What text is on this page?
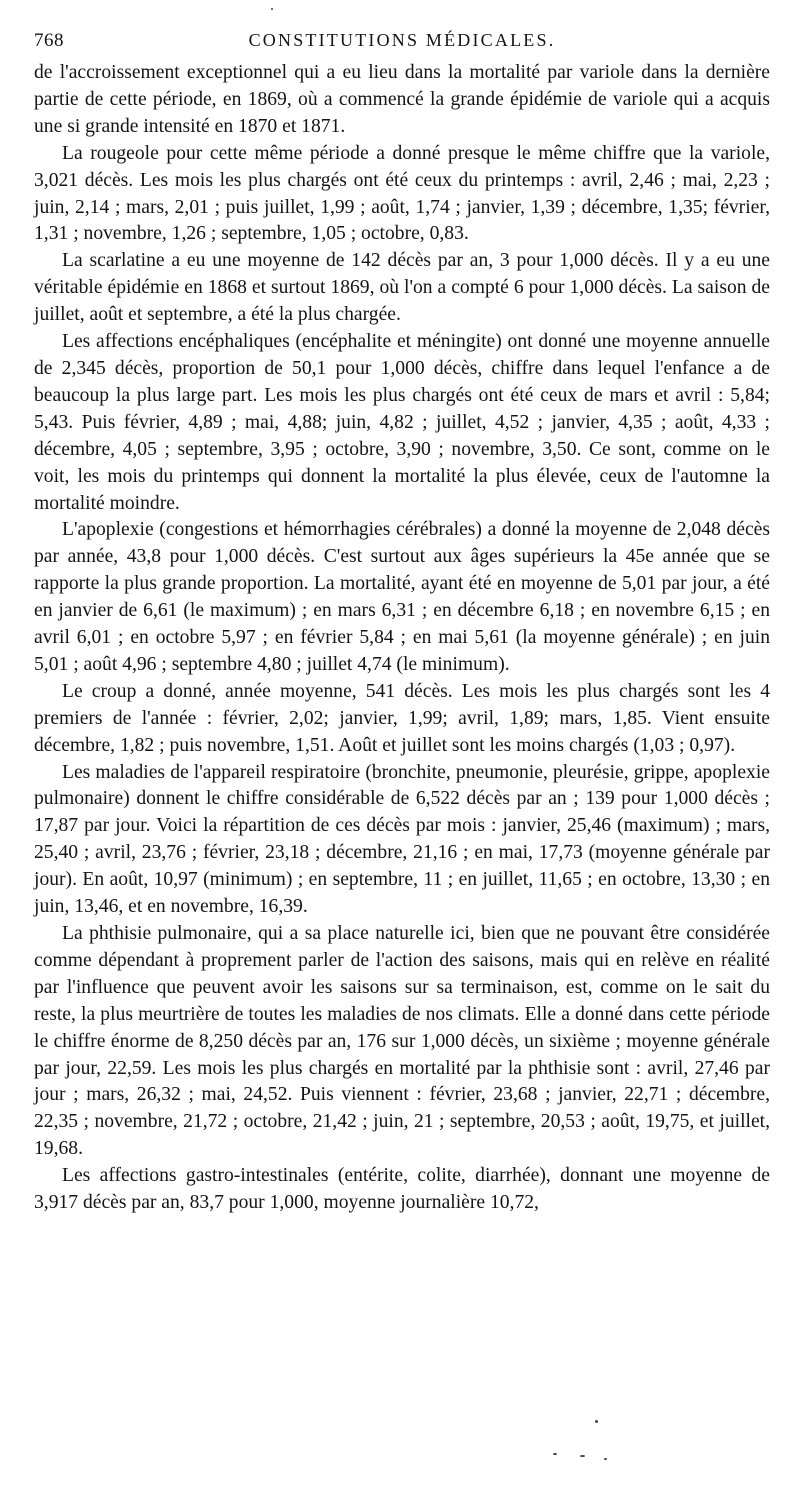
768	CONSTITUTIONS MÉDICALES.

de l'accroissement exceptionnel qui a eu lieu dans la mortalité par variole dans la dernière partie de cette période, en 1869, où a commencé la grande épidémie de variole qui a acquis une si grande intensité en 1870 et 1871.

La rougeole pour cette même période a donné presque le même chiffre que la variole, 3,021 décès. Les mois les plus chargés ont été ceux du printemps : avril, 2,46 ; mai, 2,23 ; juin, 2,14 ; mars, 2,01 ; puis juillet, 1,99 ; août, 1,74 ; janvier, 1,39 ; décembre, 1,35; février, 1,31 ; novembre, 1,26 ; septembre, 1,05 ; octobre, 0,83.

La scarlatine a eu une moyenne de 142 décès par an, 3 pour 1,000 décès. Il y a eu une véritable épidémie en 1868 et surtout 1869, où l'on a compté 6 pour 1,000 décès. La saison de juillet, août et septembre, a été la plus chargée.

Les affections encéphaliques (encéphalite et méningite) ont donné une moyenne annuelle de 2,345 décès, proportion de 50,1 pour 1,000 décès, chiffre dans lequel l'enfance a de beaucoup la plus large part. Les mois les plus chargés ont été ceux de mars et avril : 5,84; 5,43. Puis février, 4,89 ; mai, 4,88; juin, 4,82 ; juillet, 4,52 ; janvier, 4,35 ; août, 4,33 ; décembre, 4,05 ; septembre, 3,95 ; octobre, 3,90 ; novembre, 3,50. Ce sont, comme on le voit, les mois du printemps qui donnent la mortalité la plus élevée, ceux de l'automne la mortalité moindre.

L'apoplexie (congestions et hémorrhagies cérébrales) a donné la moyenne de 2,048 décès par année, 43,8 pour 1,000 décès. C'est surtout aux âges supérieurs la 45e année que se rapporte la plus grande proportion. La mortalité, ayant été en moyenne de 5,01 par jour, a été en janvier de 6,61 (le maximum) ; en mars 6,31 ; en décembre 6,18 ; en novembre 6,15 ; en avril 6,01 ; en octobre 5,97 ; en février 5,84 ; en mai 5,61 (la moyenne générale) ; en juin 5,01 ; août 4,96 ; septembre 4,80 ; juillet 4,74 (le minimum).

Le croup a donné, année moyenne, 541 décès. Les mois les plus chargés sont les 4 premiers de l'année : février, 2,02; janvier, 1,99; avril, 1,89; mars, 1,85. Vient ensuite décembre, 1,82 ; puis novembre, 1,51. Août et juillet sont les moins chargés (1,03 ; 0,97).

Les maladies de l'appareil respiratoire (bronchite, pneumonie, pleurésie, grippe, apoplexie pulmonaire) donnent le chiffre considérable de 6,522 décès par an ; 139 pour 1,000 décès ; 17,87 par jour. Voici la répartition de ces décès par mois : janvier, 25,46 (maximum) ; mars, 25,40 ; avril, 23,76 ; février, 23,18 ; décembre, 21,16 ; en mai, 17,73 (moyenne générale par jour). En août, 10,97 (minimum) ; en septembre, 11 ; en juillet, 11,65 ; en octobre, 13,30 ; en juin, 13,46, et en novembre, 16,39.

La phthisie pulmonaire, qui a sa place naturelle ici, bien que ne pouvant être considérée comme dépendant à proprement parler de l'action des saisons, mais qui en relève en réalité par l'influence que peuvent avoir les saisons sur sa terminaison, est, comme on le sait du reste, la plus meurtrière de toutes les maladies de nos climats. Elle a donné dans cette période le chiffre énorme de 8,250 décès par an, 176 sur 1,000 décès, un sixième ; moyenne générale par jour, 22,59. Les mois les plus chargés en mortalité par la phthisie sont : avril, 27,46 par jour ; mars, 26,32 ; mai, 24,52. Puis viennent : février, 23,68 ; janvier, 22,71 ; décembre, 22,35 ; novembre, 21,72 ; octobre, 21,42 ; juin, 21 ; septembre, 20,53 ; août, 19,75, et juillet, 19,68.

Les affections gastro-intestinales (entérite, colite, diarrhée), donnant une moyenne de 3,917 décès par an, 83,7 pour 1,000, moyenne journalière 10,72,
